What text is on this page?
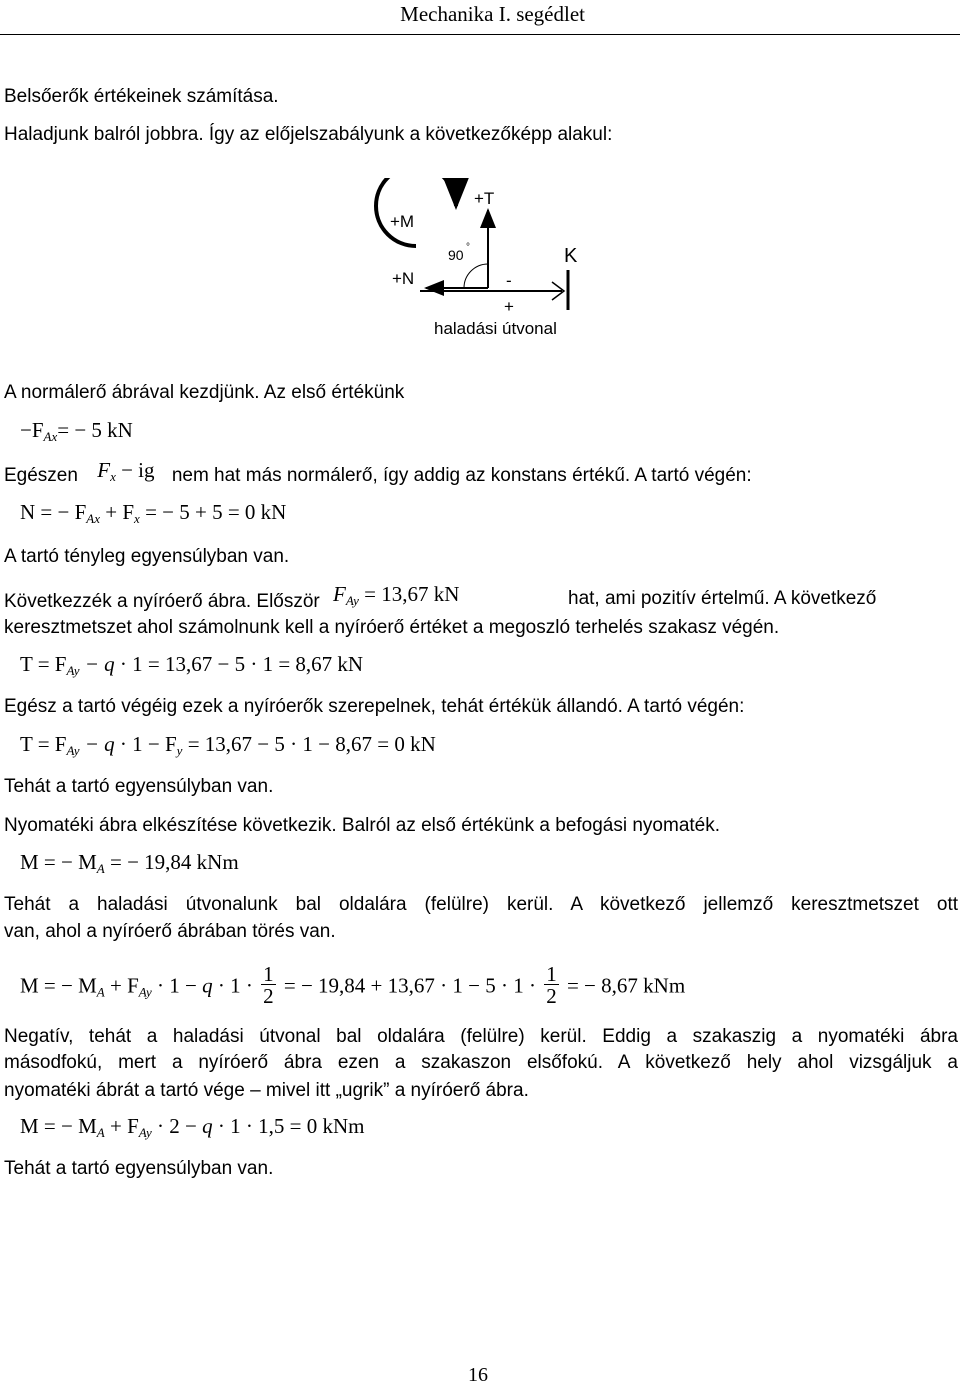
Mechanika I. segédlet
Belsőerők értékeinek számítása.
Haladjunk balról jobbra. Így az előjelszabályunk a következőképp alakul:
+M
+T
+N
90 °	K
-
+
haladási útvonal
A normálerő ábrával kezdjünk. Az első értékünk
$-F_{Ax}= - 5$ kN
Egészen $F_x$ − ig nem hat más normálerő, így addig az konstans értékű. A tartó végén:
N = − $F_{Ax} + F_x$ = − 5 + 5 = 0 kN
A tartó tényleg egyensúlyban van.
Következzék a nyíróerő ábra. Először $F_{Ay} = 13,67$ kN	hat, ami pozitív értelmű. A következő
keresztmetszet ahol számolnunk kell a nyíróerő értéket a megoszló terhelés szakasz végén.
$T = F_{Ay} - q \cdot 1 = 13,67 - 5 \cdot 1 = 8,67$ kN
Egész a tartó végéig ezek a nyíróerők szerepelnek, tehát értékük állandó. A tartó végén:
$T = F_{Ay} - q \cdot 1 - F_y = 13,67 - 5 \cdot 1 - 8,67 = 0$ kN
Tehát a tartó egyensúlyban van.
Nyomatéki ábra elkészítése következik. Balról az első értékünk a befogási nyomaték.
M = − $M_A$ = − 19,84 kNm
Tehát a haladási útvonalunk bal oldalára (felülre) kerül. A következő jellemző keresztmetszet ott
van, ahol a nyíróerő ábrában törés van.
M = − $M_A + F_{Ay} \cdot 1 - q \cdot 1 \cdot \frac{1}{2}$ = − $19,84 + 13,67 \cdot 1 - 5 \cdot 1 \cdot \frac{1}{2}$ = − 8,67 kNm
Negatív, tehát a haladási útvonal bal oldalára (felülre) kerül. Eddig a szakaszig a nyomatéki ábra
másodfokú, mert a nyíróerő ábra ezen a szakaszon elsőfokú. A következő hely ahol vizsgáljuk a
nyomatéki ábrát a tartó vége – mivel itt „ugrik” a nyíróerő ábra.
M = − $M_A + F_{Ay} \cdot 2 - q \cdot 1 \cdot 1,5 = 0$ kNm
Tehát a tartó egyensúlyban van.
16
